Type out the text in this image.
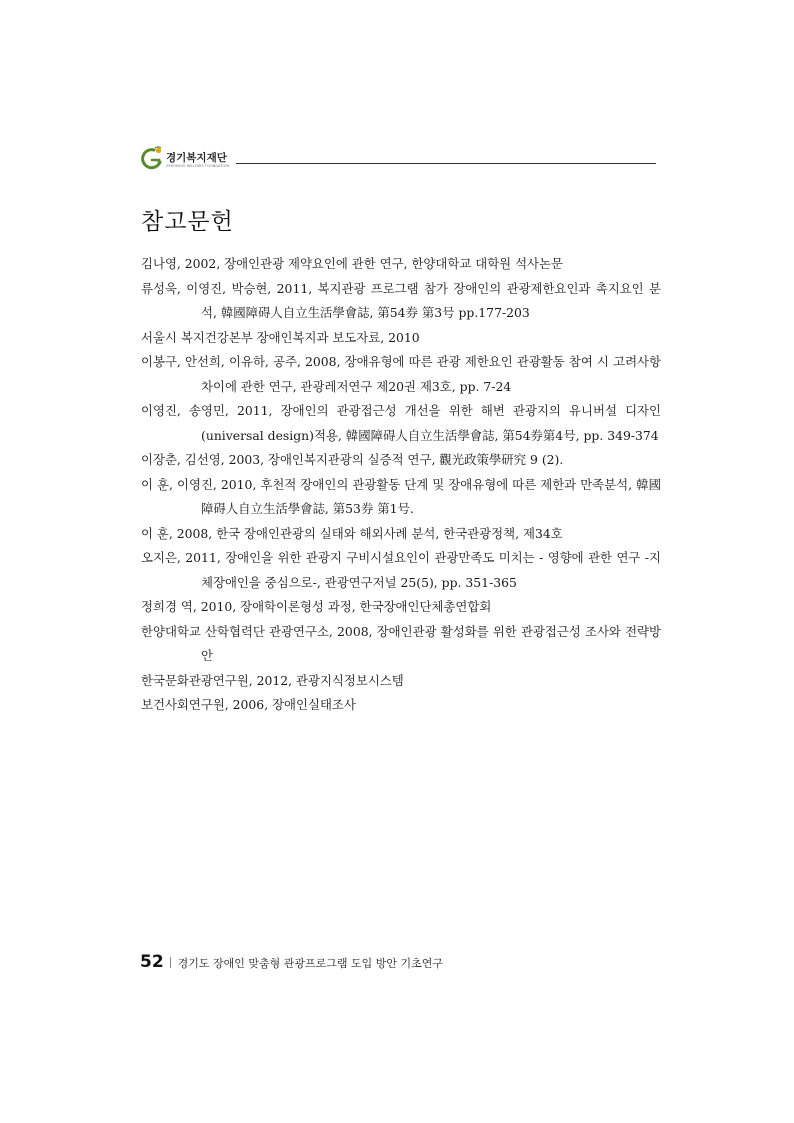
경기복지재단
GYEONGGI WELFARE FOUNDATION
참고문헌
김나영, 2002, 장애인관광 제약요인에 관한 연구, 한양대학교 대학원 석사논문
류성욱, 이영진, 박승현, 2011, 복지관광 프로그램 참가 장애인의 관광제한요인과 촉지요인 분석, 韓國障碍人自立生活學會誌, 第54券 第3号 pp.177-203
서울시 복지건강본부 장애인복지과 보도자료, 2010
이봉구, 안선희, 이유하, 공주, 2008, 장애유형에 따른 관광 제한요인 관광활동 참여 시 고려사항 차이에 관한 연구, 관광레저연구 제20권 제3호, pp. 7-24
이영진, 송영민, 2011, 장애인의 관광접근성 개선을 위한 해변 관광지의 유니버설 디자인(universal design)적용, 韓國障碍人自立生活學會誌, 第54券第4号, pp. 349-374
이장춘, 김선영, 2003, 장애인복지관광의 실증적 연구, 觀光政策學研究 9 (2).
이 훈, 이영진, 2010, 후천적 장애인의 관광활동 단계 및 장애유형에 따른 제한과 만족분석, 韓國障碍人自立生活學會誌, 第53券 第1号.
이 훈, 2008, 한국 장애인관광의 실태와 해외사례 분석, 한국관광정책, 제34호
오지은, 2011, 장애인을 위한 관광지 구비시설요인이 관광만족도 미치는 - 영향에 관한 연구 -지체장애인을 중심으로-, 관광연구저널 25(5), pp. 351-365
정희경 역, 2010, 장애학이론형성 과정, 한국장애인단체총연합회
한양대학교 산학협력단 관광연구소, 2008, 장애인관광 활성화를 위한 관광접근성 조사와 전략방안
한국문화관광연구원, 2012, 관광지식정보시스템
보건사회연구원, 2006, 장애인실태조사
52 경기도 장애인 맞춤형 관광프로그램 도입 방안 기초연구
